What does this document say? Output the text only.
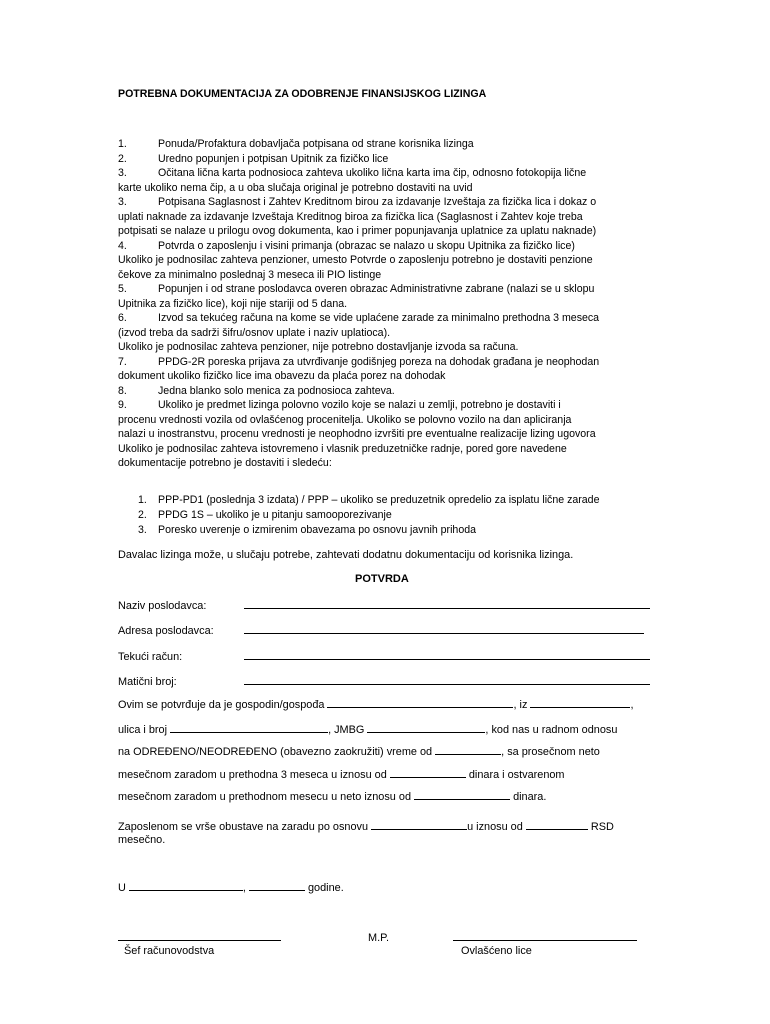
POTREBNA DOKUMENTACIJA ZA ODOBRENJE FINANSIJSKOG LIZINGA
1.	Ponuda/Profaktura dobavljača potpisana od strane korisnika lizinga
2.	Uredno popunjen i potpisan Upitnik za fizičko lice
3.	Očitana lična karta podnosioca zahteva ukoliko lična karta ima čip, odnosno fotokopija lične
karte ukoliko nema čip, a u oba slučaja original je potrebno dostaviti na uvid
3.	Potpisana Saglasnost i Zahtev Kreditnom birou za izdavanje Izveštaja za fizička lica i dokaz o
uplati naknade za izdavanje Izveštaja Kreditnog biroa za fizička lica (Saglasnost i Zahtev koje treba
potpisati se nalaze u prilogu ovog dokumenta, kao i primer popunjavanja uplatnice za uplatu naknade)
4.	Potvrda o zaposlenju i visini primanja (obrazac se nalazo u skopu Upitnika za fizičko lice)
Ukoliko je podnosilac zahteva penzioner, umesto Potvrde o zaposlenju potrebno je dostaviti penzione
čekove za minimalno poslednaj 3 meseca ili PIO listinge
5.	Popunjen i od strane poslodavca overen obrazac Administrativne zabrane (nalazi se u sklopu
Upitnika za fizičko lice), koji nije stariji od 5 dana.
6.	Izvod sa tekućeg računa na kome se vide uplaćene zarade za minimalno prethodna 3 meseca
(izvod treba da sadrži šifru/osnov uplate i naziv uplatioca).
Ukoliko je podnosilac zahteva penzioner, nije potrebno dostavljanje izvoda sa računa.
7.	PPDG-2R poreska prijava za utvrđivanje godišnjeg poreza na dohodak građana je neophodan
dokument ukoliko fizičko lice ima obavezu da plaća porez na dohodak
8.	Jedna blanko solo menica za podnosioca zahteva.
9.	Ukoliko je predmet lizinga polovno vozilo koje se nalazi u zemlji, potrebno je dostaviti i
procenu vrednosti vozila od ovlašćenog procenitelja. Ukoliko se polovno vozilo na dan apliciranja
nalazi u inostranstvu, procenu vrednosti je neophodno izvršiti pre eventualne realizacije lizing ugovora
Ukoliko je podnosilac zahteva istovremeno i vlasnik preduzetničke radnje, pored gore navedene
dokumentacije potrebno je dostaviti i sledeću:
1. PPP-PD1 (poslednja 3 izdata) / PPP – ukoliko se preduzetnik opredelio za isplatu lične zarade
2. PPDG 1S – ukoliko je u pitanju samooporezivanje
3. Poresko uverenje o izmirenim obavezama po osnovu javnih prihoda
Davalac lizinga može, u slučaju potrebe, zahtevati dodatnu dokumentaciju od korisnika lizinga.
POTVRDA
Naziv poslodavca:
Adresa poslodavca:
Tekući račun:
Matični broj:
Ovim se potvrđuje da je gospodin/gospođa	, iz	,
ulica i broj	, JMBG	, kod nas u radnom odnosu
na ODREĐENO/NEODREĐENO (obavezno zaokružiti) vreme od	, sa prosečnom neto
mesečnom zaradom u prethodna 3 meseca u iznosu od	dinara i ostvarenom
mesečnom zaradom u prethodnom mesecu u neto iznosu od	dinara.
Zaposlenom se vrše obustave na zaradu po osnovu	u iznosu od	RSD
mesečno.
U	,	godine.
M.P.
Šef računovodstva	Ovlašćeno lice
